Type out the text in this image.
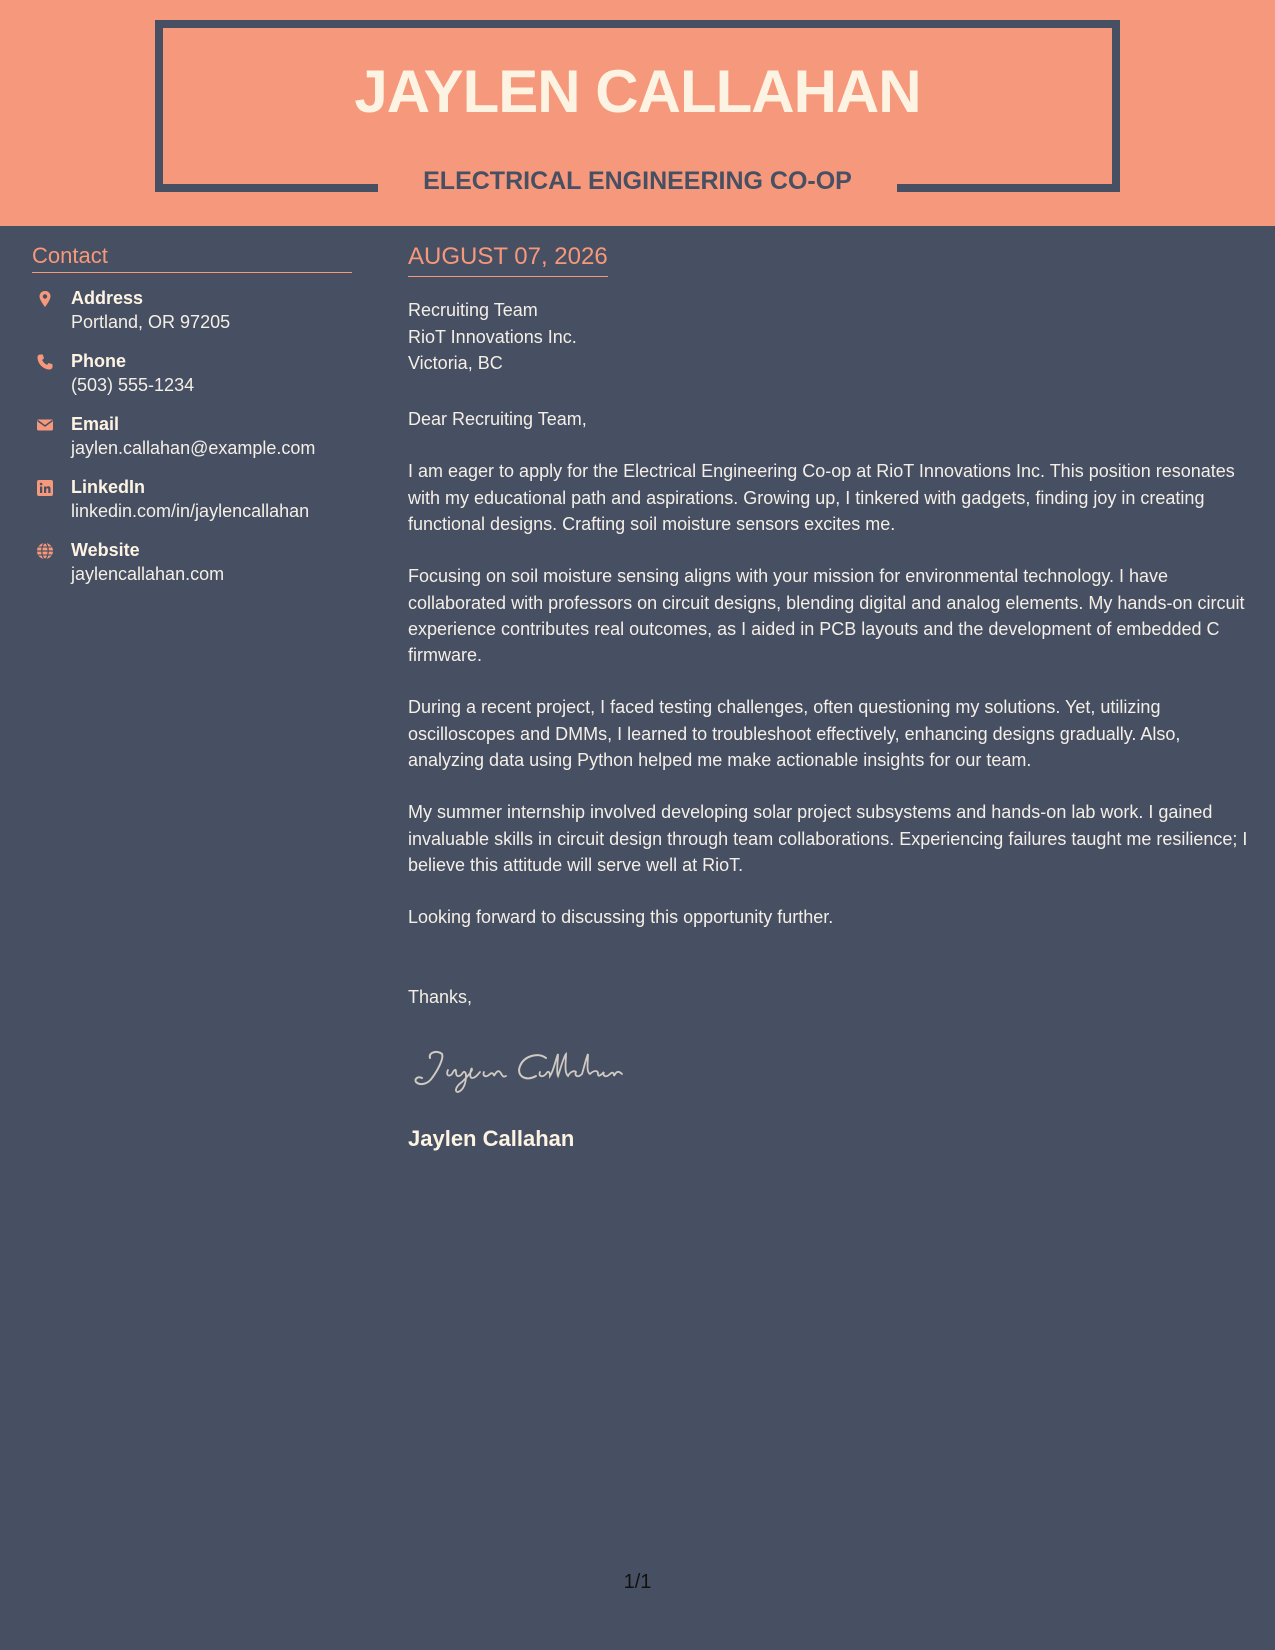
JAYLEN CALLAHAN
ELECTRICAL ENGINEERING CO-OP
Contact
Address
Portland, OR 97205
Phone
(503) 555-1234
Email
jaylen.callahan@example.com
LinkedIn
linkedin.com/in/jaylencallahan
Website
jaylencallahan.com
AUGUST 07, 2026
Recruiting Team
RioT Innovations Inc.
Victoria, BC
Dear Recruiting Team,
I am eager to apply for the Electrical Engineering Co-op at RioT Innovations Inc. This position resonates with my educational path and aspirations. Growing up, I tinkered with gadgets, finding joy in creating functional designs. Crafting soil moisture sensors excites me.
Focusing on soil moisture sensing aligns with your mission for environmental technology. I have collaborated with professors on circuit designs, blending digital and analog elements. My hands-on circuit experience contributes real outcomes, as I aided in PCB layouts and the development of embedded C firmware.
During a recent project, I faced testing challenges, often questioning my solutions. Yet, utilizing oscilloscopes and DMMs, I learned to troubleshoot effectively, enhancing designs gradually. Also, analyzing data using Python helped me make actionable insights for our team.
My summer internship involved developing solar project subsystems and hands-on lab work. I gained invaluable skills in circuit design through team collaborations. Experiencing failures taught me resilience; I believe this attitude will serve well at RioT.
Looking forward to discussing this opportunity further.
Thanks,
Jaylen Callahan
1/1
